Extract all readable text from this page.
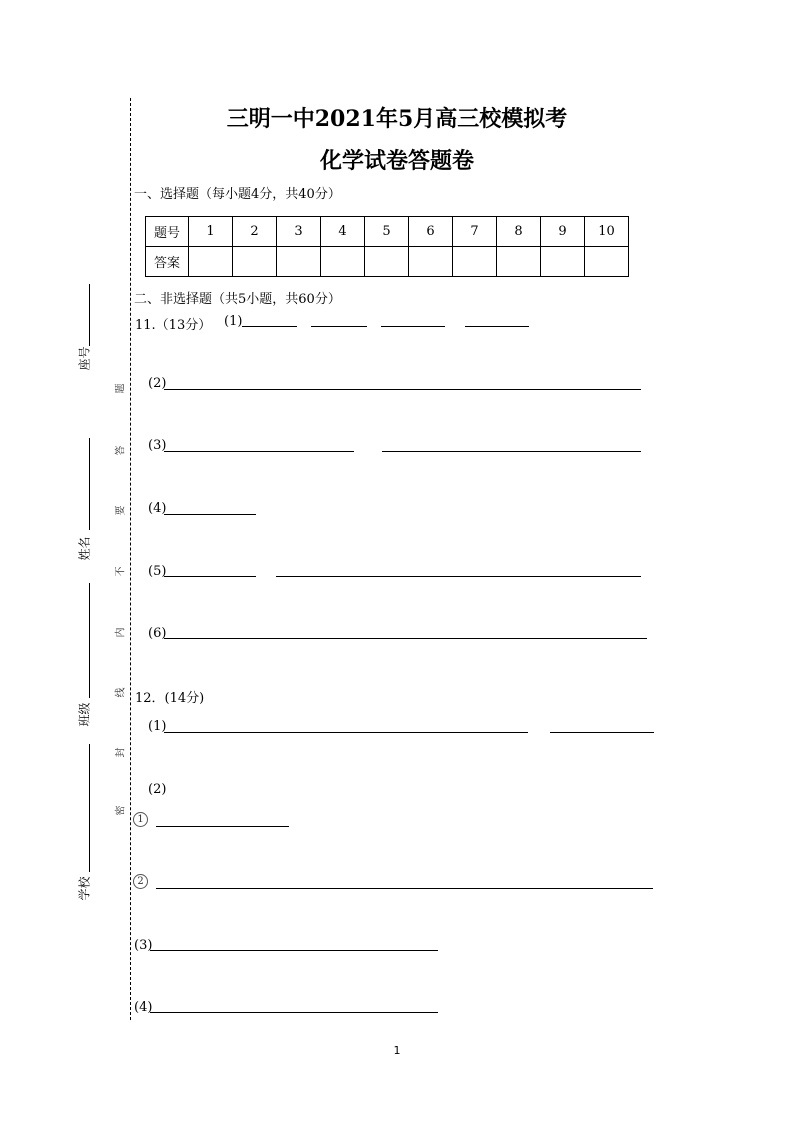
三明一中2021年5月高三校模拟考
化学试卷答题卷
题
答
要
不
内
线
封
密
座号
姓名
班级
学校
一、选择题（每小题4分，共40分）
题号	1	2	3	4	5	6	7	8	9	10
答案										
二、非选择题（共5小题，共60分）
11.（13分） (1)
(2)
(3)
(4)
(5)
(6)
12．(14分)
(1)
(2)
1
2
(3)
(4)
1
